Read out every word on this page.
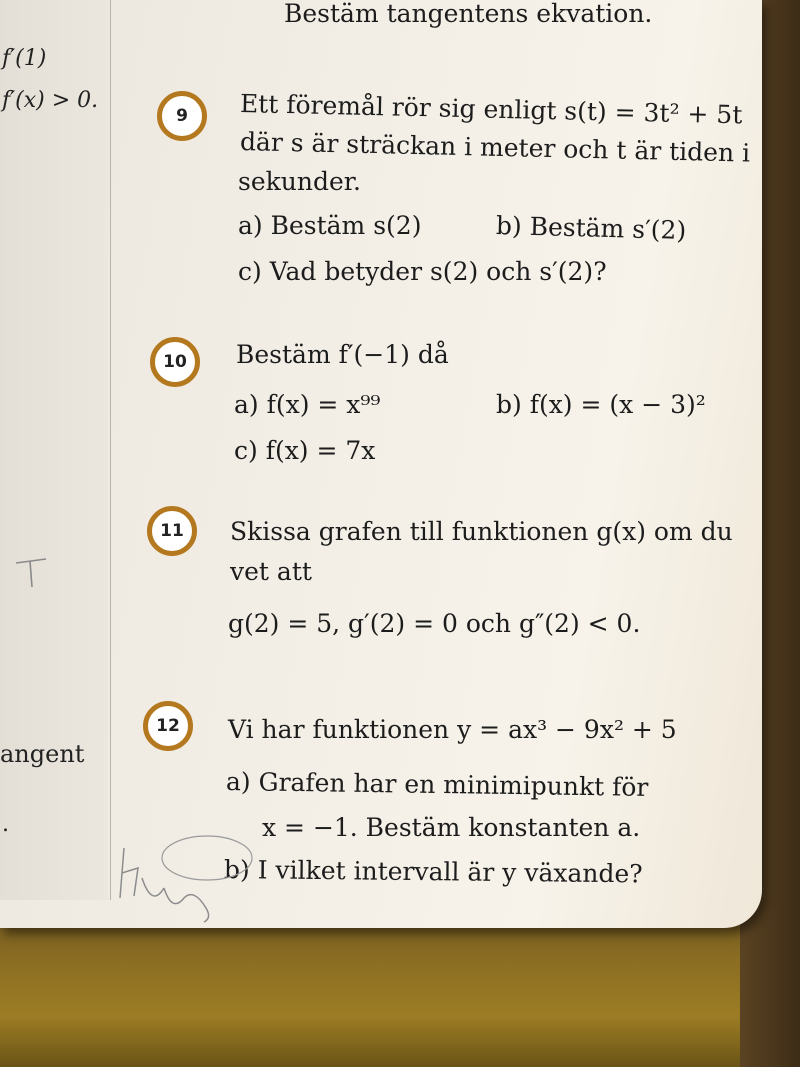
f′(1)
f′(x) > 0.
angent
.
Bestäm tangentens ekvation.
9	Ett föremål rör sig enligt s(t) = 3t² + 5t
där s är sträckan i meter och t är tiden i
sekunder.
a) Bestäm s(2)	b) Bestäm s′(2)
c) Vad betyder s(2) och s′(2)?
10	Bestäm f′(−1) då
a) f(x) = x⁹⁹	b) f(x) = (x − 3)²
c) f(x) = 7x
11	Skissa grafen till funktionen g(x) om du
vet att
g(2) = 5, g′(2) = 0 och g″(2) < 0.
12	Vi har funktionen y = ax³ − 9x² + 5
a) Grafen har en minimipunkt för
x = −1. Bestäm konstanten a.
b) I vilket intervall är y växande?
